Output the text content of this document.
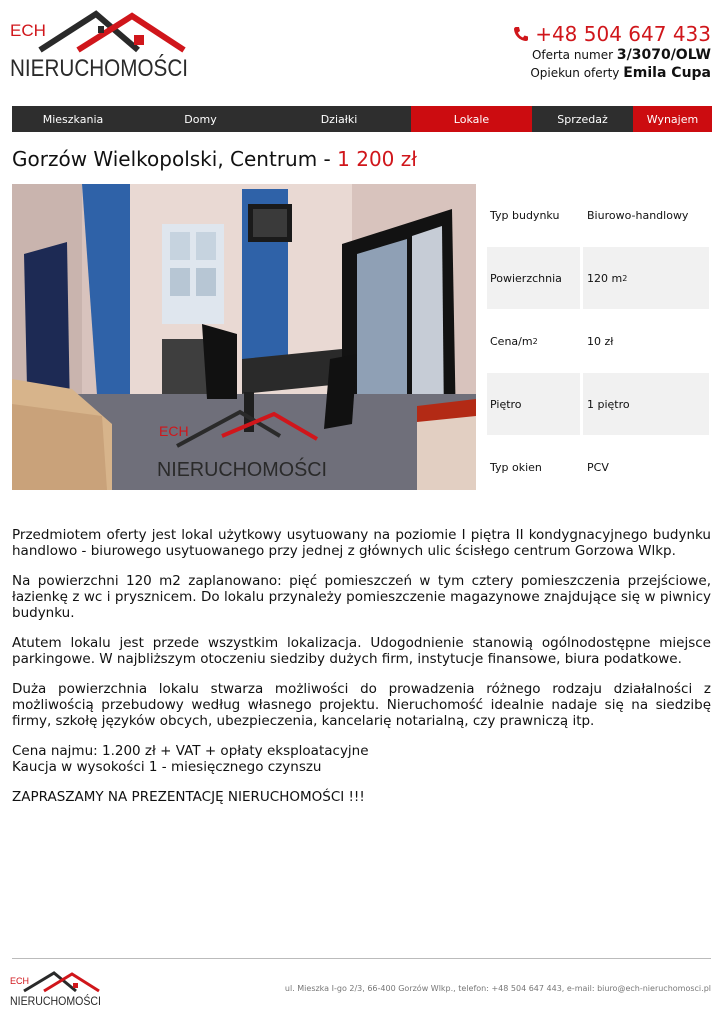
ECH
NIERUCHOMOŚCI
+48 504 647 433
Oferta numer 3/3070/OLW
Opiekun oferty Emila Cupa
Mieszkania	Domy	Działki	Lokale	Sprzedaż	Wynajem
Gorzów Wielkopolski, Centrum - 1 200 zł
ECH
NIERUCHOMOŚCI
Typ budynku	Biurowo-handlowy
Powierzchnia	120 m 2
Cena/m 2	10 zł
Piętro	1 piętro
Typ okien	PCV

Przedmiotem oferty jest lokal użytkowy usytuowany na poziomie I piętra II kondygnacyjnego budynku handlowo - biurowego usytuowanego przy jednej z głównych ulic ścisłego centrum Gorzowa Wlkp.

Na powierzchni 120 m2 zaplanowano: pięć pomieszczeń w tym cztery pomieszczenia przejściowe, łazienkę z wc i prysznicem. Do lokalu przynależy pomieszczenie magazynowe znajdujące się w piwnicy budynku.

Atutem lokalu jest przede wszystkim lokalizacja. Udogodnienie stanowią ogólnodostępne miejsce parkingowe. W najbliższym otoczeniu siedziby dużych firm, instytucje finansowe, biura podatkowe.

Duża powierzchnia lokalu stwarza możliwości do prowadzenia różnego rodzaju działalności z możliwością przebudowy według własnego projektu. Nieruchomość idealnie nadaje się na siedzibę firmy, szkołę języków obcych, ubezpieczenia, kancelarię notarialną, czy prawniczą itp.

Cena najmu: 1.200 zł + VAT + opłaty eksploatacyjne
Kaucja w wysokości 1 - miesięcznego czynszu

ZAPRASZAMY NA PREZENTACJĘ NIERUCHOMOŚCI !!!

ECH
NIERUCHOMOŚCI
ul. Mieszka I-go 2/3, 66-400 Gorzów Wlkp., telefon: +48 504 647 443, e-mail: biuro@ech-nieruchomosci.pl
